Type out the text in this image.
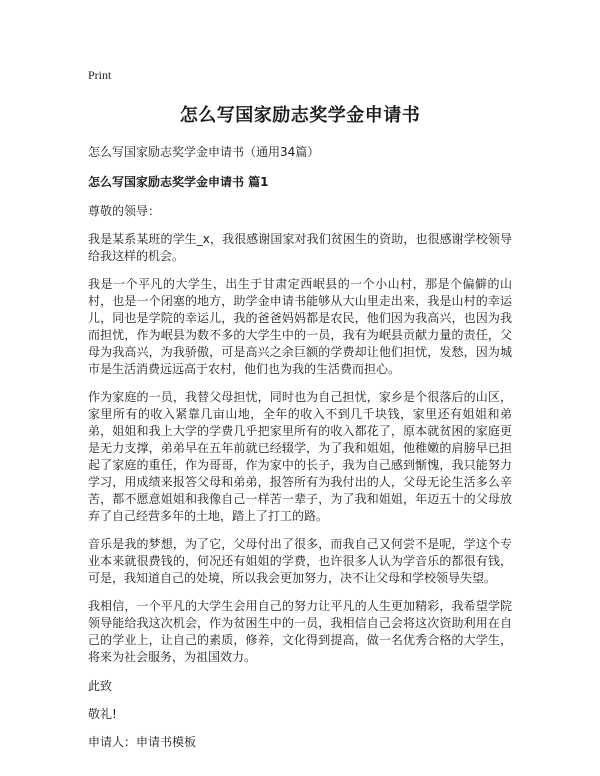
Print
怎么写国家励志奖学金申请书

怎么写国家励志奖学金申请书（通用34篇）

怎么写国家励志奖学金申请书 篇1

尊敬的领导：

我是某系某班的学生_x，我很感谢国家对我们贫困生的资助，也很感谢学校领导给我这样的机会。

我是一个平凡的大学生，出生于甘肃定西岷县的一个小山村，那是个偏僻的山村，也是一个闭塞的地方，助学金申请书能够从大山里走出来，我是山村的幸运儿，同也是学院的幸运儿，我的爸爸妈妈都是农民，他们因为我高兴，也因为我而担忧，作为岷县为数不多的大学生中的一员，我有为岷县贡献力量的责任，父母为我高兴，为我骄傲，可是高兴之余巨额的学费却让他们担忧，发愁，因为城市是生活消费远远高于农村，他们也为我的生活费而担心。

作为家庭的一员，我替父母担忧，同时也为自己担忧，家乡是个很落后的山区，家里所有的收入紧靠几亩山地，全年的收入不到几千块钱，家里还有姐姐和弟弟，姐姐和我上大学的学费几乎把家里所有的收入都花了，原本就贫困的家庭更是无力支撑，弟弟早在五年前就已经辍学，为了我和姐姐，他稚嫩的肩膀早已担起了家庭的重任，作为哥哥，作为家中的长子，我为自己感到惭愧，我只能努力学习，用成绩来报答父母和弟弟，报答所有为我付出的人，父母无论生活多么辛苦，都不愿意姐姐和我像自己一样苦一辈子，为了我和姐姐，年迈五十的父母放弃了自己经营多年的土地，踏上了打工的路。

音乐是我的梦想，为了它，父母付出了很多，而我自己又何尝不是呢，学这个专业本来就很费钱的，何况还有姐姐的学费，也许很多人认为学音乐的都很有钱，可是，我知道自己的处境，所以我会更加努力，决不让父母和学校领导失望。

我相信，一个平凡的大学生会用自己的努力让平凡的人生更加精彩，我希望学院领导能给我这次机会，作为贫困生中的一员，我相信自己会将这次资助利用在自己的学业上，让自己的素质，修养，文化得到提高，做一名优秀合格的大学生，将来为社会服务，为祖国效力。

此致

敬礼!

申请人：申请书模板
